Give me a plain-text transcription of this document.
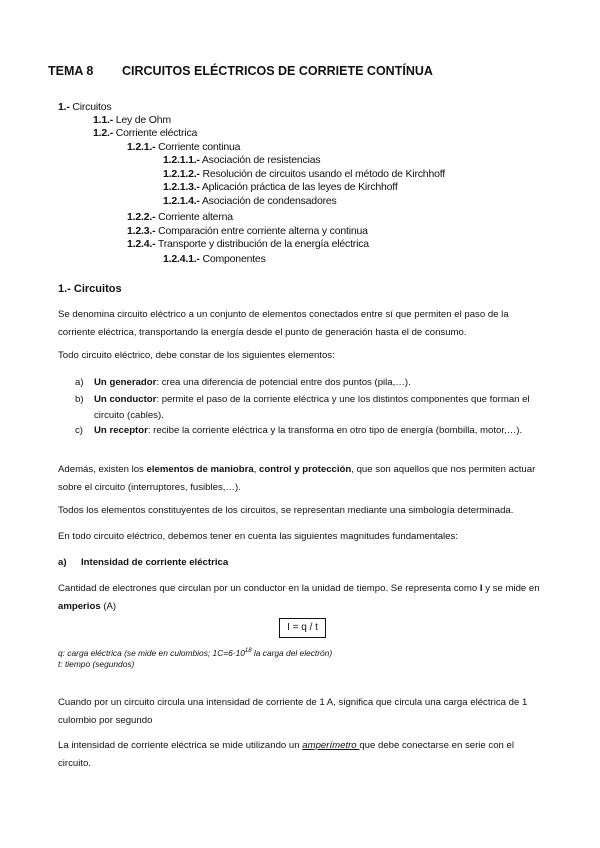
TEMA 8 CIRCUITOS ELÉCTRICOS DE CORRIETE CONTÍNUA
1.- Circuitos
1.1.- Ley de Ohm
1.2.- Corriente eléctrica
1.2.1.- Corriente continua
1.2.1.1.- Asociación de resistencias
1.2.1.2.- Resolución de circuitos usando el método de Kirchhoff
1.2.1.3.- Aplicación práctica de las leyes de Kirchhoff
1.2.1.4.- Asociación de condensadores
1.2.2.- Corriente alterna
1.2.3.- Comparación entre corriente alterna y continua
1.2.4.- Transporte y distribución de la energía eléctrica
1.2.4.1.- Componentes
1.- Circuitos
Se denomina circuito eléctrico a un conjunto de elementos conectados entre sí que permiten el paso de la corriente eléctrica, transportando la energía desde el punto de generación hasta el de consumo.
Todo circuito eléctrico, debe constar de los siguientes elementos:
a) Un generador: crea una diferencia de potencial entre dos puntos (pila,…).
b) Un conductor: permite el paso de la corriente eléctrica y une los distintos componentes que forman el circuito (cables).
c) Un receptor: recibe la corriente eléctrica y la transforma en otro tipo de energía (bombilla, motor,…).
Además, existen los elementos de maniobra, control y protección, que son aquellos que nos permiten actuar sobre el circuito (interruptores, fusibles,…).
Todos los elementos constituyentes de los circuitos, se representan mediante una simbología determinada.
En todo circuito eléctrico, debemos tener en cuenta las siguientes magnitudes fundamentales:
a) Intensidad de corriente eléctrica
Cantidad de electrones que circulan por un conductor en la unidad de tiempo. Se representa como I y se mide en amperios (A)
I = q / t
q: carga eléctrica (se mide en culombios; $1C=6\cdot 10^{18}$ la carga del electrón)
t: tiempo (segundos)
Cuando por un circuito circula una intensidad de corriente de 1 A, significa que circula una carga eléctrica de 1 culombio por segundo
La intensidad de corriente eléctrica se mide utilizando un amperímetro que debe conectarse en serie con el circuito.
